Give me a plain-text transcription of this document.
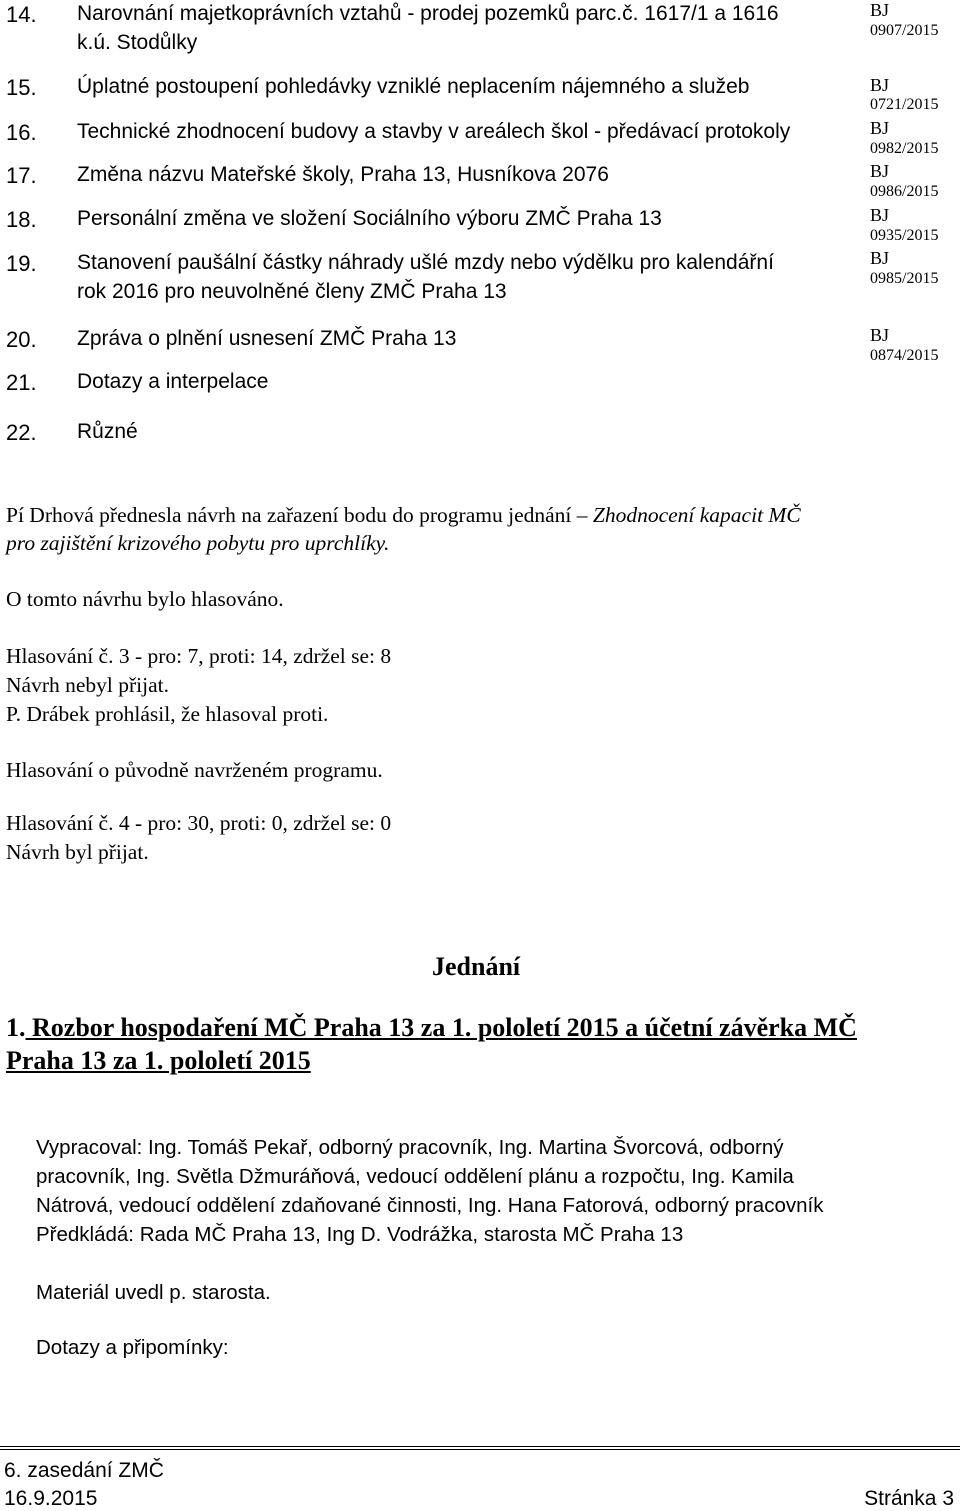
14. Narovnání majetkoprávních vztahů - prodej pozemků parc.č. 1617/1 a 1616
k.ú. Stodůlky
BJ
0907/2015
15. Úplatné postoupení pohledávky vzniklé neplacením nájemného a služeb	BJ
0721/2015
16. Technické zhodnocení budovy a stavby v areálech škol - předávací protokoly	BJ
0982/2015
17. Změna názvu Mateřské školy, Praha 13, Husníkova 2076	BJ
0986/2015
18. Personální změna ve složení Sociálního výboru ZMČ Praha 13	BJ
0935/2015
19. Stanovení paušální částky náhrady ušlé mzdy nebo výdělku pro kalendářní
rok 2016 pro neuvolněné členy ZMČ Praha 13
BJ
0985/2015
20. Zpráva o plnění usnesení ZMČ Praha 13	BJ
0874/2015
21. Dotazy a interpelace
22. Různé
Pí Drhová přednesla návrh na zařazení bodu do programu jednání – Zhodnocení kapacit MČ
pro zajištění krizového pobytu pro uprchlíky.
O tomto návrhu bylo hlasováno.
Hlasování č. 3 - pro: 7, proti: 14, zdržel se: 8
Návrh nebyl přijat.
P. Drábek prohlásil, že hlasoval proti.
Hlasování o původně navrženém programu.
Hlasování č. 4 - pro: 30, proti: 0, zdržel se: 0
Návrh byl přijat.
Jednání
1. Rozbor hospodaření MČ Praha 13 za 1. pololetí 2015 a účetní závěrka MČ
Praha 13 za 1. pololetí 2015
Vypracoval: Ing. Tomáš Pekař, odborný pracovník, Ing. Martina Švorcová, odborný
pracovník, Ing. Světla Džmuráňová, vedoucí oddělení plánu a rozpočtu, Ing. Kamila
Nátrová, vedoucí oddělení zdaňované činnosti, Ing. Hana Fatorová, odborný pracovník
Předkládá: Rada MČ Praha 13, Ing D. Vodrážka, starosta MČ Praha 13
Materiál uvedl p. starosta.
Dotazy a připomínky:
6. zasedání ZMČ
16.9.2015	Stránka 3
